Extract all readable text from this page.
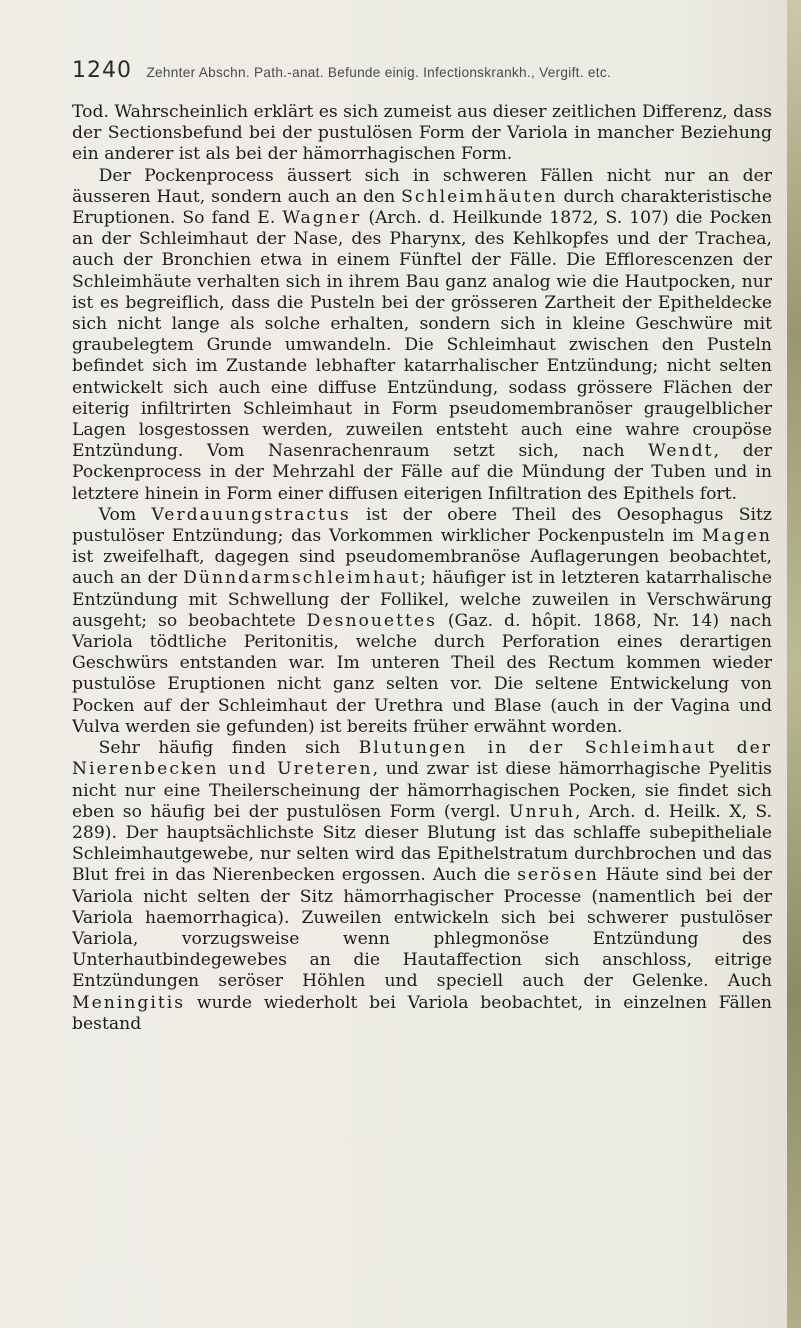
1240 Zehnter Abschn. Path.-anat. Befunde einig. Infectionskrankh., Vergift. etc.

Tod. Wahrscheinlich erklärt es sich zumeist aus dieser zeitlichen Differenz, dass der Sectionsbefund bei der pustulösen Form der Variola in mancher Beziehung ein anderer ist als bei der hämorrhagischen Form.

Der Pockenprocess äussert sich in schweren Fällen nicht nur an der äusseren Haut, sondern auch an den Schleimhäuten durch charakteristische Eruptionen. So fand E. Wagner (Arch. d. Heilkunde 1872, S. 107) die Pocken an der Schleimhaut der Nase, des Pharynx, des Kehlkopfes und der Trachea, auch der Bronchien etwa in einem Fünftel der Fälle. Die Efflorescenzen der Schleimhäute verhalten sich in ihrem Bau ganz analog wie die Hautpocken, nur ist es begreiflich, dass die Pusteln bei der grösseren Zartheit der Epitheldecke sich nicht lange als solche erhalten, sondern sich in kleine Geschwüre mit graubelegtem Grunde umwandeln. Die Schleimhaut zwischen den Pusteln befindet sich im Zustande lebhafter katarrhalischer Entzündung; nicht selten entwickelt sich auch eine diffuse Entzündung, sodass grössere Flächen der eiterig infiltrirten Schleimhaut in Form pseudomembranöser graugelblicher Lagen losgestossen werden, zuweilen entsteht auch eine wahre croupöse Entzündung. Vom Nasenrachenraum setzt sich, nach Wendt, der Pockenprocess in der Mehrzahl der Fälle auf die Mündung der Tuben und in letztere hinein in Form einer diffusen eiterigen Infiltration des Epithels fort.

Vom Verdauungstractus ist der obere Theil des Oesophagus Sitz pustulöser Entzündung; das Vorkommen wirklicher Pockenpusteln im Magen ist zweifelhaft, dagegen sind pseudomembranöse Auflagerungen beobachtet, auch an der Dünndarmschleimhaut; häufiger ist in letzteren katarrhalische Entzündung mit Schwellung der Follikel, welche zuweilen in Verschwärung ausgeht; so beobachtete Desnouettes (Gaz. d. hôpit. 1868, Nr. 14) nach Variola tödtliche Peritonitis, welche durch Perforation eines derartigen Geschwürs entstanden war. Im unteren Theil des Rectum kommen wieder pustulöse Eruptionen nicht ganz selten vor. Die seltene Entwickelung von Pocken auf der Schleimhaut der Urethra und Blase (auch in der Vagina und Vulva werden sie gefunden) ist bereits früher erwähnt worden.

Sehr häufig finden sich Blutungen in der Schleimhaut der Nierenbecken und Ureteren, und zwar ist diese hämorrhagische Pyelitis nicht nur eine Theilerscheinung der hämorrhagischen Pocken, sie findet sich eben so häufig bei der pustulösen Form (vergl. Unruh, Arch. d. Heilk. X, S. 289). Der hauptsächlichste Sitz dieser Blutung ist das schlaffe subepitheliale Schleimhautgewebe, nur selten wird das Epithelstratum durchbrochen und das Blut frei in das Nierenbecken ergossen. Auch die serösen Häute sind bei der Variola nicht selten der Sitz hämorrhagischer Processe (namentlich bei der Variola haemorrhagica). Zuweilen entwickeln sich bei schwerer pustulöser Variola, vorzugsweise wenn phlegmonöse Entzündung des Unterhautbindegewebes an die Hautaffection sich anschloss, eitrige Entzündungen seröser Höhlen und speciell auch der Gelenke. Auch Meningitis wurde wiederholt bei Variola beobachtet, in einzelnen Fällen bestand
